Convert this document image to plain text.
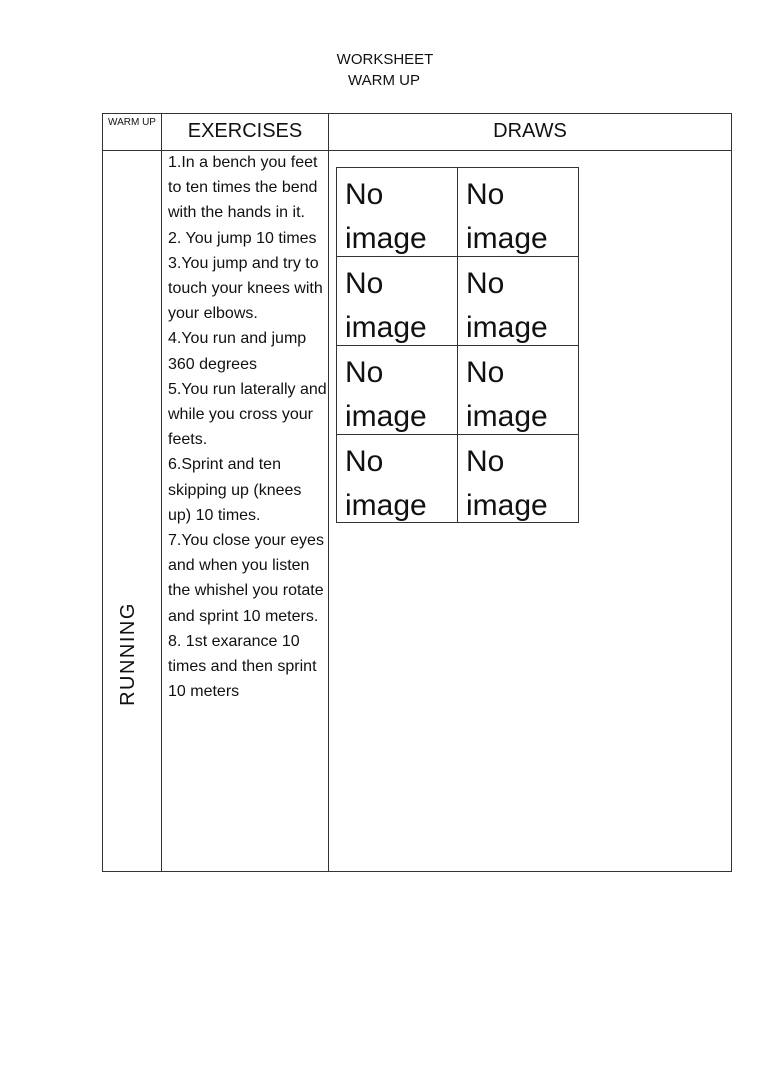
WORKSHEET
WARM UP
WARM UP	EXERCISES	DRAWS
RUNNING
1.In a bench you feet to ten times the bend with the hands in it.
2. You jump 10 times
3.You jump and try to touch your knees with your elbows.
4.You run and jump 360 degrees
5.You run laterally and while you cross your feets.
6.Sprint and ten skipping up (knees up) 10 times.
7.You close your eyes and when you listen the whishel you rotate and sprint 10 meters.
8. 1st exarance 10 times and then sprint 10 meters
No image
No image
No image
No image
No image
No image
No image
No image
